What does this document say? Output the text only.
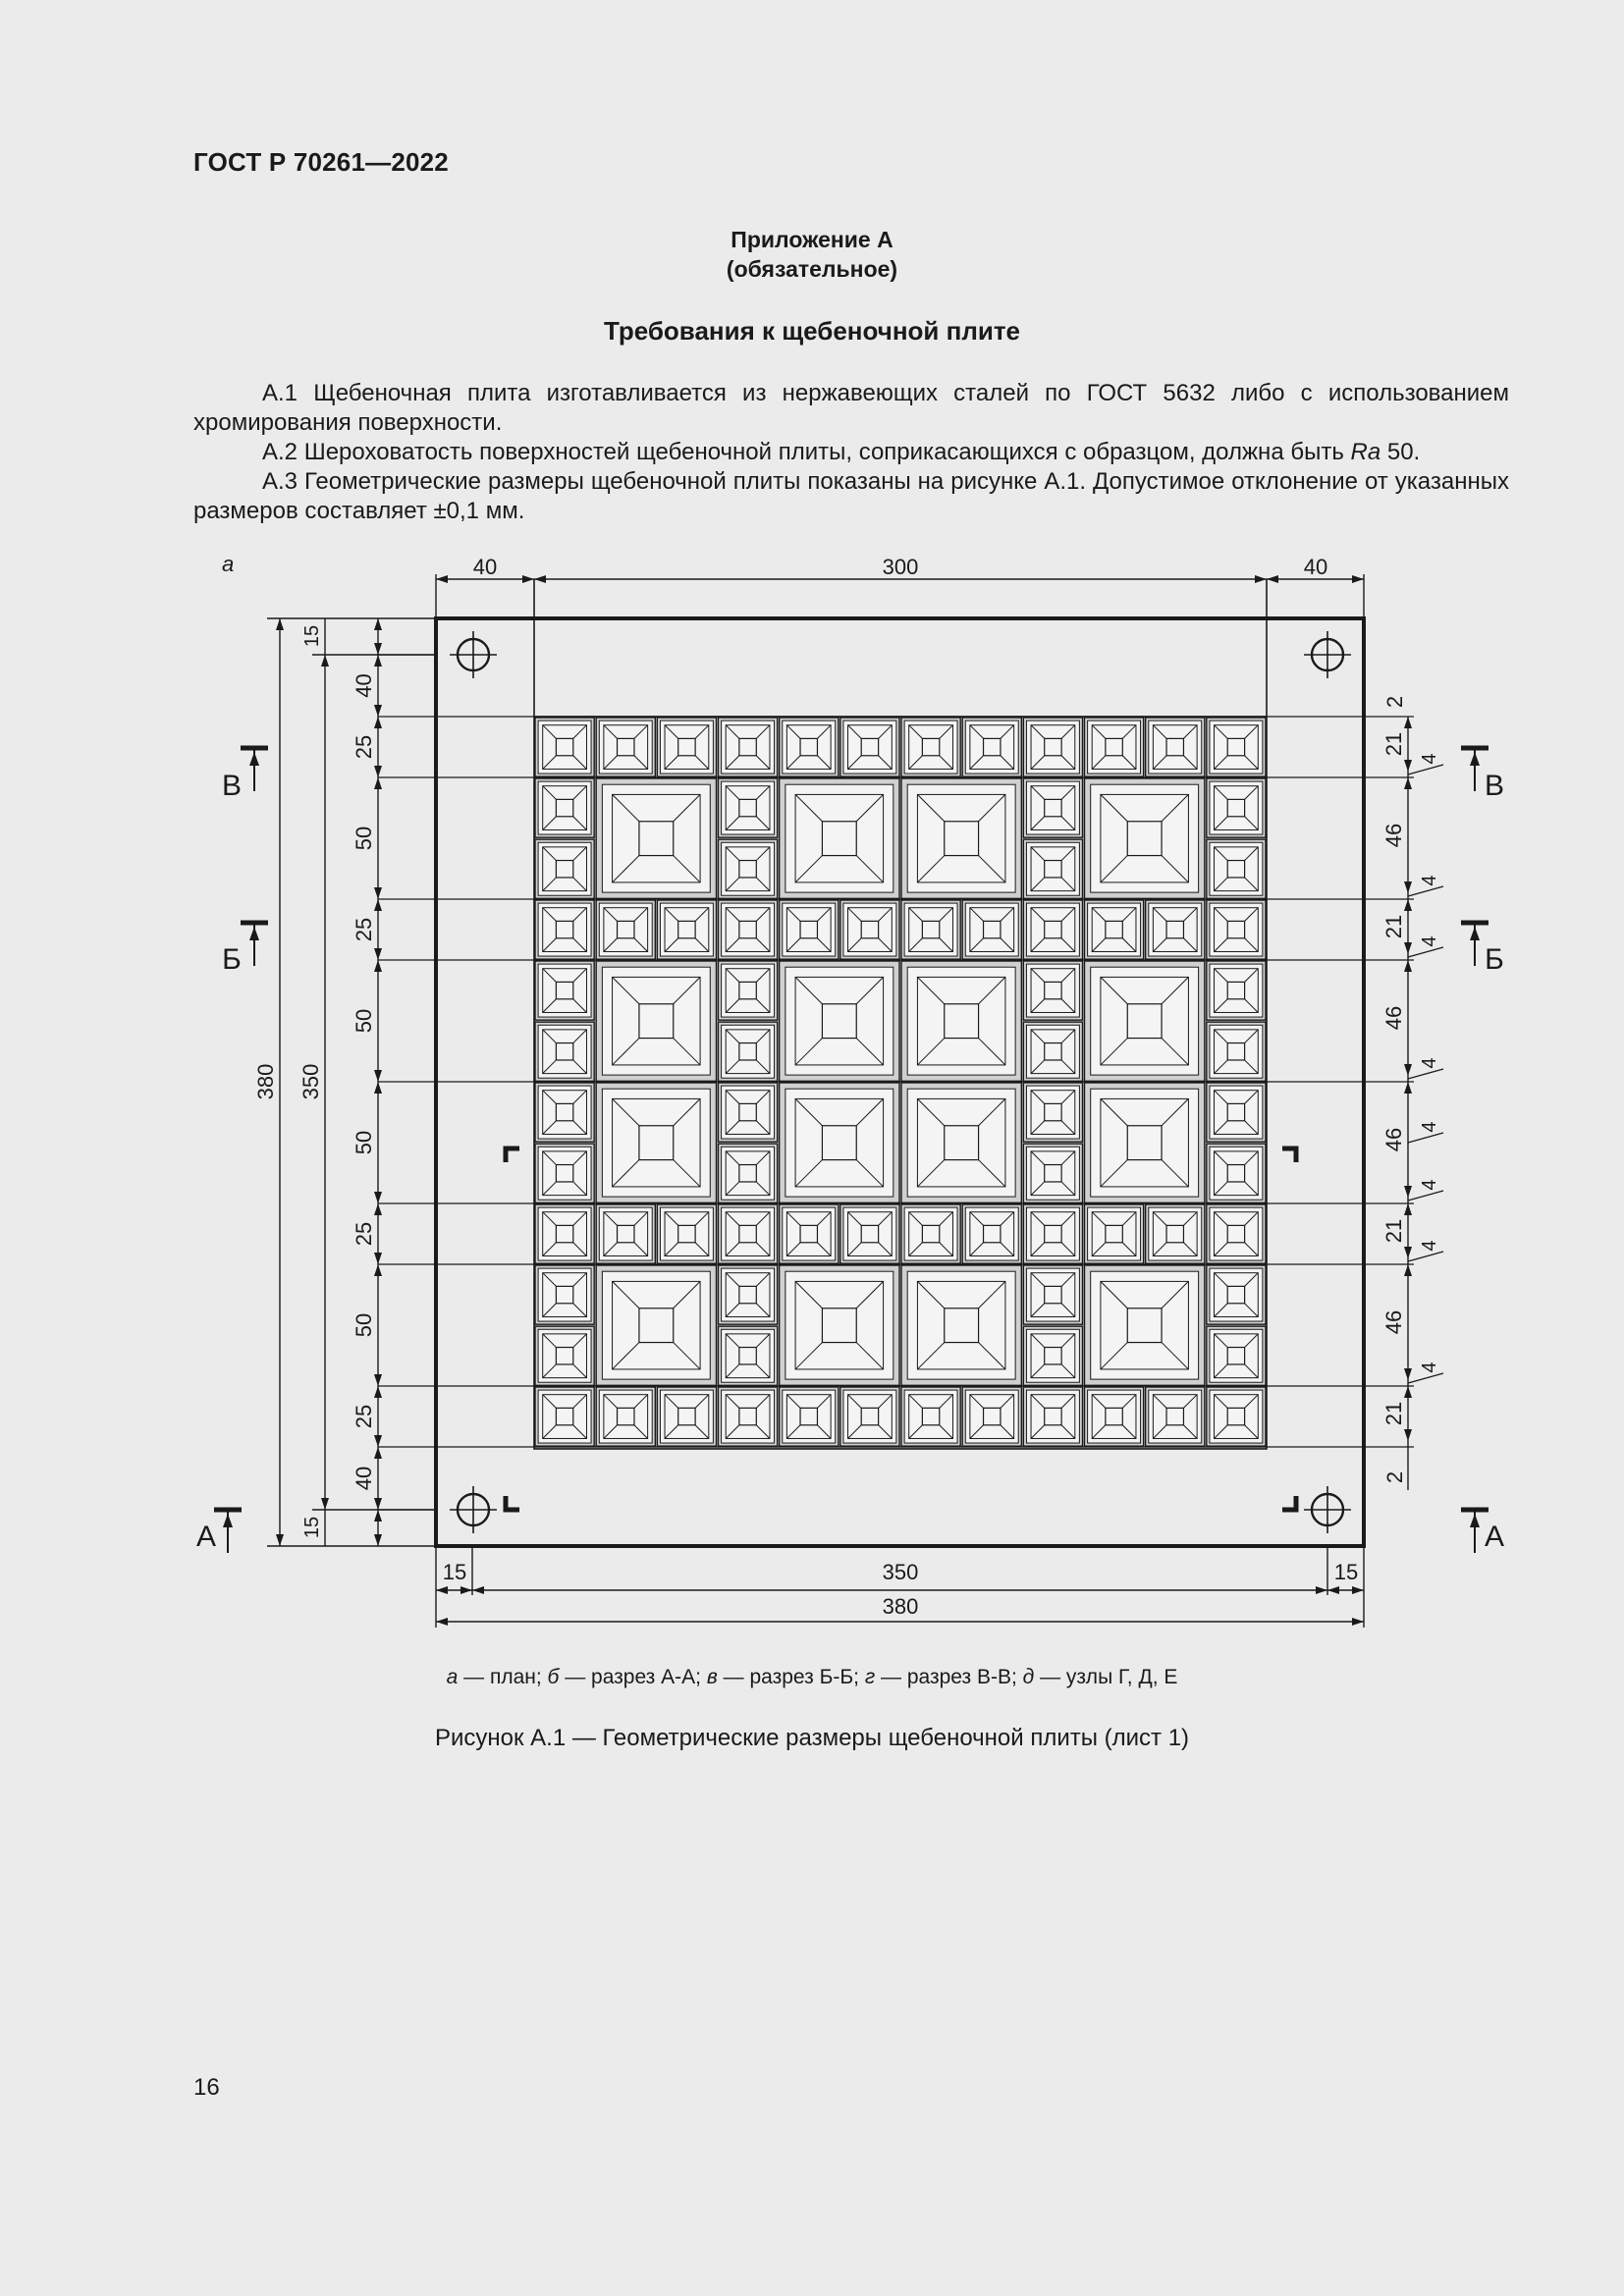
ГОСТ Р 70261—2022
Приложение А
(обязательное)
Требования к щебеночной плите

А.1 Щебеночная плита изготавливается из нержавеющих сталей по ГОСТ 5632 либо с использованием хромирования поверхности.

А.2 Шероховатость поверхностей щебеночной плиты, соприкасающихся с образцом, должна быть Ra 50.

А.3 Геометрические размеры щебеночной плиты показаны на рисунке А.1. Допустимое отклонение от указанных размеров составляет ±0,1 мм.

а	40	300	40
15	350	15
380
380 350
15
15
40
25
50
25
50
50
25
50
25
40
2
21
46
21
46
46
21
46
21
2
4
4
4
4
4
4
4
4
В
Б
А
В
Б
А
а — план; б — разрез А-А; в — разрез Б-Б; г — разрез В-В; д — узлы Г, Д, Е
Рисунок А.1 — Геометрические размеры щебеночной плиты (лист 1)
16
